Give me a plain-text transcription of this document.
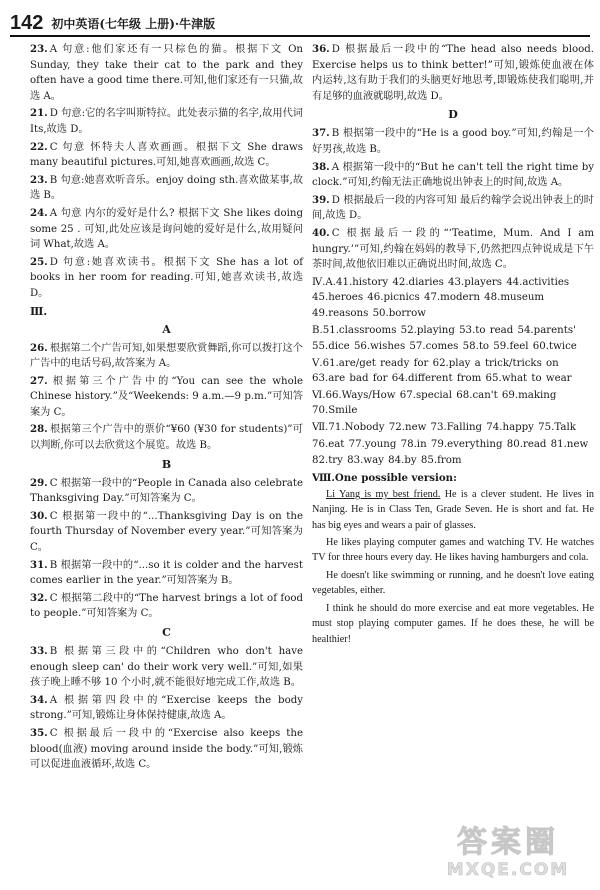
142 初中英语(七年级 上册)·牛津版

23. A 句意:他们家还有一只棕色的猫。根据下文 On Sunday, they take their cat to the park and they often have a good time there.可知,他们家还有一只猫,故选 A。

21. D 句意:它的名字叫斯特拉。此处表示猫的名字,故用代词 Its,故选 D。

22. C 句意 怀特夫人喜欢画画。根据下文 She draws many beautiful pictures.可知,她喜欢画画,故选 C。

23. B 句意:她喜欢听音乐。enjoy doing sth.喜欢做某事,故选 B。

24. A 句意 内尔的爱好是什么? 根据下文 She likes doing some 25 . 可知,此处应该是询问她的爱好是什么,故用疑问词 What,故选 A。

25. D 句意:她喜欢读书。根据下文 She has a lot of books in her room for reading.可知,她喜欢读书,故选 D。

Ⅲ.
A

26. 根据第二个广告可知,如果想要欣赏舞蹈,你可以拨打这个广告中的电话号码,故答案为 A。

27. 根据第三个广告中的“You can see the whole Chinese history.”及“Weekends: 9 a.m.—9 p.m.”可知答案为 C。

28. 根据第三个广告中的票价“¥60 (¥30 for students)”可以判断,你可以去欣赏这个展览。故选 B。

B

29. C 根据第一段中的“People in Canada also celebrate Thanksgiving Day.”可知答案为 C。

30. C 根据第一段中的“...Thanksgiving Day is on the fourth Thursday of November every year.”可知答案为 C。

31. B 根据第一段中的“...so it is colder and the harvest comes earlier in the year.”可知答案为 B。

32. C 根据第二段中的“The harvest brings a lot of food to people.”可知答案为 C。

C

33. B 根据第三段中的“Children who don't have enough sleep can' do their work very well.”可知,如果孩子晚上睡不够 10 个小时,就不能很好地完成工作,故选 B。

34. A 根据第四段中的“Exercise keeps the body strong.”可知,锻炼让身体保持健康,故选 A。

35. C 根据最后一段中的“Exercise also keeps the blood(血液) moving around inside the body.”可知,锻炼可以促进血液循环,故选 C。

36. D 根据最后一段中的“The head also needs blood. Exercise helps us to think better!”可知,锻炼使血液在体内运转,这有助于我们的头脑更好地思考,即锻炼使我们聪明,并有足够的血液就聪明,故选 D。

D

37. B 根据第一段中的“He is a good boy.”可知,约翰是一个好男孩,故选 B。

38. A 根据第一段中的“But he can't tell the right time by clock.”可知,约翰无法正确地说出钟表上的时间,故选 A。

39. D 根据最后一段的内容可知 最后约翰学会说出钟表上的时间,故选 D。

40. C 根据最后一段的“‘Teatime, Mum. And I am hungry.’”可知,约翰在妈妈的教导下,仍然把四点钟说成是下午茶时间,故他依旧难以正确说出时间,故选 C。

Ⅳ.A.41.history 42.diaries 43.players 44.activities 45.heroes 46.picnics 47.modern 48.museum 49.reasons 50.borrow

B.51.classrooms 52.playing 53.to read 54.parents'

55.dice 56.wishes 57.comes 58.to 59.feel 60.twice

Ⅴ.61.are/get ready for 62.play a trick/tricks on 63.are bad for 64.different from 65.what to wear

Ⅵ.66.Ways/How 67.special 68.can't 69.making 70.Smile

Ⅶ.71.Nobody 72.new 73.Falling 74.happy 75.Talk

76.eat 77.young 78.in 79.everything 80.read 81.new

82.try 83.way 84.by 85.from

Ⅷ.One possible version:

Li Yang is my best friend. He is a clever student. He lives in Nanjing. He is in Class Ten, Grade Seven. He is short and fat. He has big eyes and wears a pair of glasses.

He likes playing computer games and watching TV. He watches TV for three hours every day. He likes having hamburgers and cola.

He doesn't like swimming or running, and he doesn't love eating vegetables, either.

I think he should do more exercise and eat more vegetables. He must stop playing computer games. If he does these, he will be healthier!

答案圈
MXQE.COM
